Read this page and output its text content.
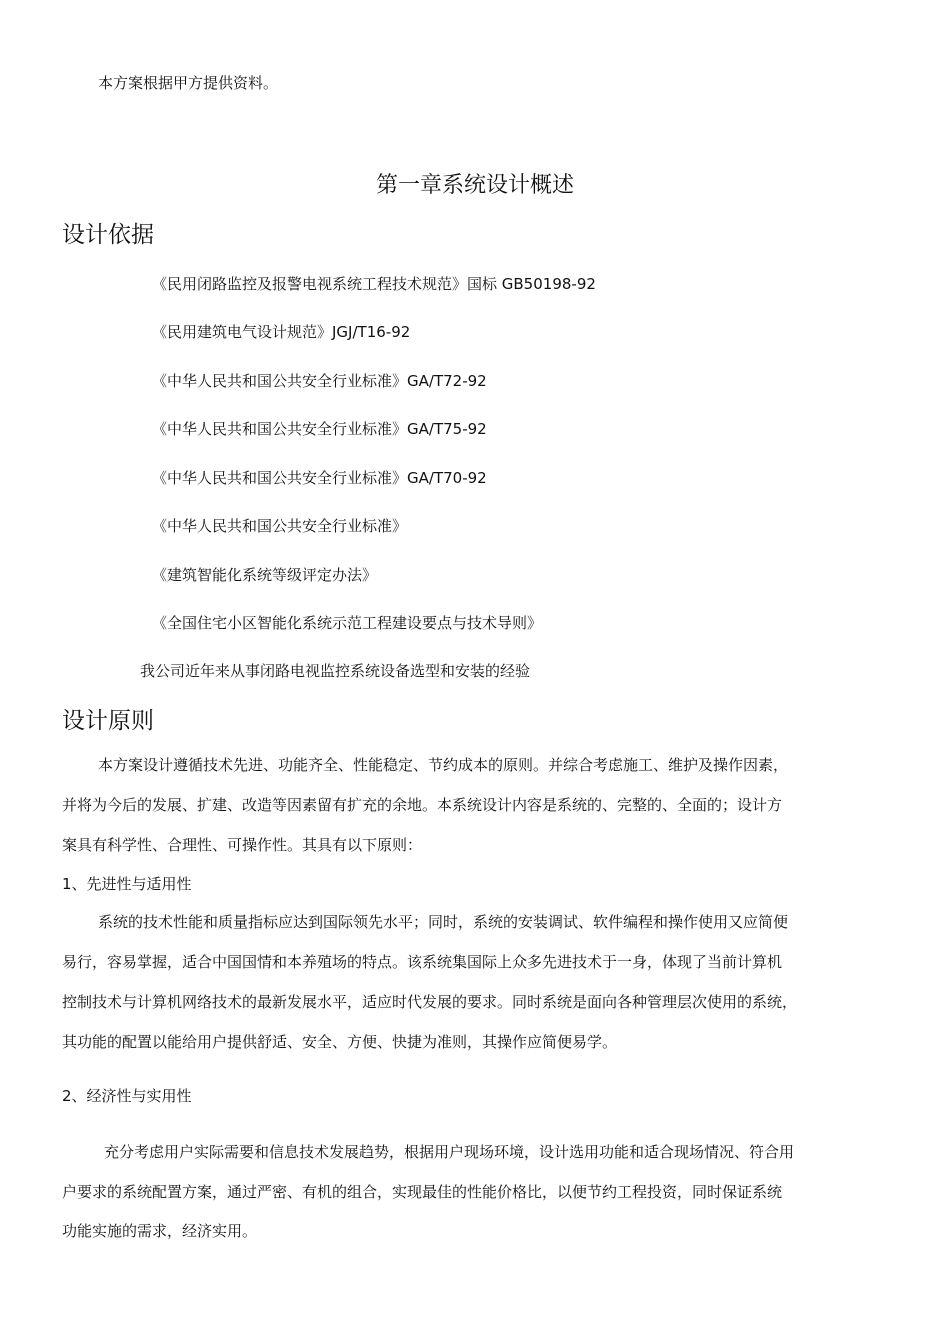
本方案根据甲方提供资料。

第一章系统设计概述
设计依据

《民用闭路监控及报警电视系统工程技术规范》国标 GB50198-92

《民用建筑电气设计规范》JGJ/T16-92

《中华人民共和国公共安全行业标准》GA/T72-92

《中华人民共和国公共安全行业标准》GA/T75-92

《中华人民共和国公共安全行业标准》GA/T70-92

《中华人民共和国公共安全行业标准》

《建筑智能化系统等级评定办法》

《全国住宅小区智能化系统示范工程建设要点与技术导则》

我公司近年来从事闭路电视监控系统设备选型和安装的经验

设计原则

本方案设计遵循技术先进、功能齐全、性能稳定、节约成本的原则。并综合考虑施工、维护及操作因素，

并将为今后的发展、扩建、改造等因素留有扩充的余地。本系统设计内容是系统的、完整的、全面的；设计方

案具有科学性、合理性、可操作性。其具有以下原则：

1、先进性与适用性

系统的技术性能和质量指标应达到国际领先水平；同时，系统的安装调试、软件编程和操作使用又应简便

易行，容易掌握，适合中国国情和本养殖场的特点。该系统集国际上众多先进技术于一身，体现了当前计算机

控制技术与计算机网络技术的最新发展水平，适应时代发展的要求。同时系统是面向各种管理层次使用的系统，

其功能的配置以能给用户提供舒适、安全、方便、快捷为准则，其操作应简便易学。

2、经济性与实用性

充分考虑用户实际需要和信息技术发展趋势，根据用户现场环境，设计选用功能和适合现场情况、符合用

户要求的系统配置方案，通过严密、有机的组合，实现最佳的性能价格比，以便节约工程投资，同时保证系统

功能实施的需求，经济实用。
